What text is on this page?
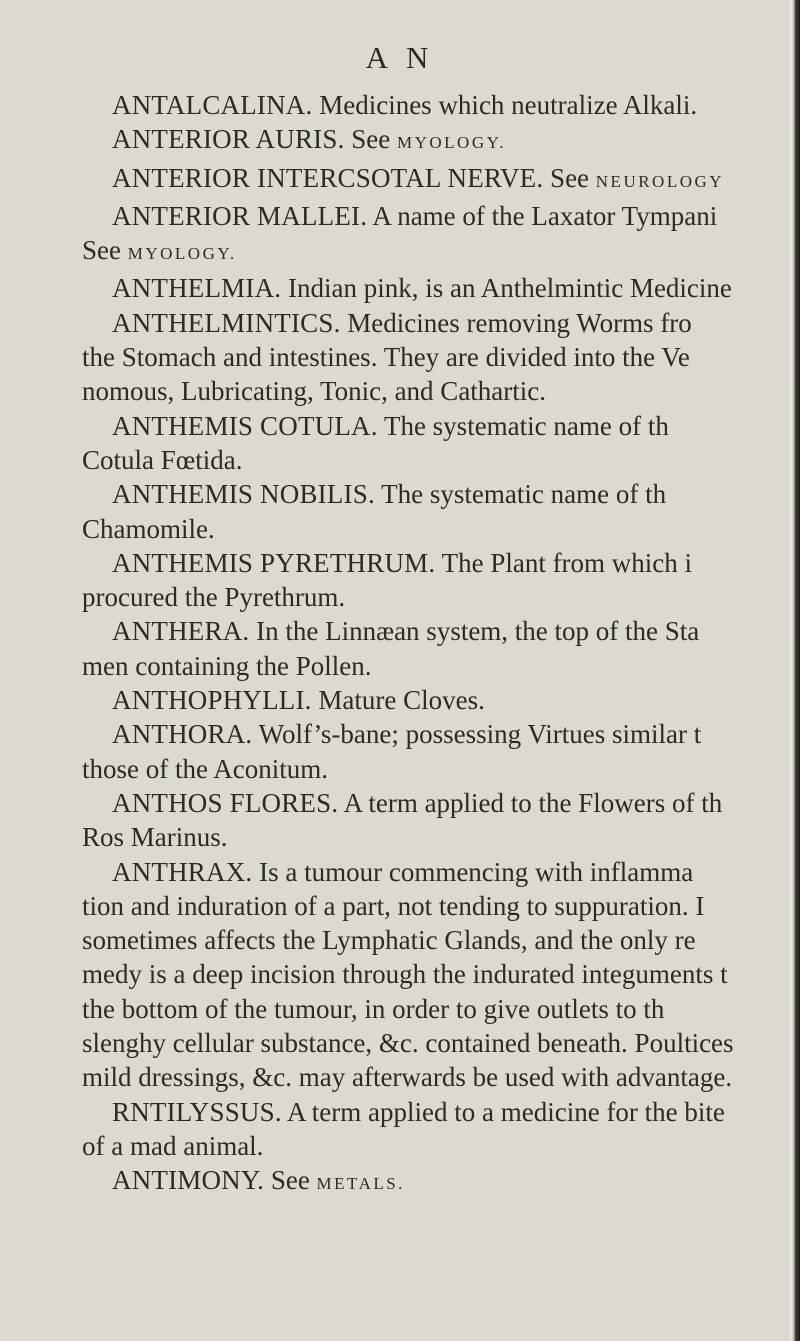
A N
ANTALCALINA. Medicines which neutralize Alkali.
ANTERIOR AURIS. See MYOLOGY.
ANTERIOR INTERCSOTAL NERVE. See NEUROLOGY
ANTERIOR MALLEI. A name of the Laxator Tympani
See MYOLOGY.
ANTHELMIA. Indian pink, is an Anthelmintic Medicine
ANTHELMINTICS. Medicines removing Worms fro
the Stomach and intestines. They are divided into the Ve
nomous, Lubricating, Tonic, and Cathartic.
ANTHEMIS COTULA. The systematic name of th
Cotula Fœtida.
ANTHEMIS NOBILIS. The systematic name of th
Chamomile.
ANTHEMIS PYRETHRUM. The Plant from which i
procured the Pyrethrum.
ANTHERA. In the Linnæan system, the top of the Sta
men containing the Pollen.
ANTHOPHYLLI. Mature Cloves.
ANTHORA. Wolf’s-bane; possessing Virtues similar t
those of the Aconitum.
ANTHOS FLORES. A term applied to the Flowers of th
Ros Marinus.
ANTHRAX. Is a tumour commencing with inflamma
tion and induration of a part, not tending to suppuration. I
sometimes affects the Lymphatic Glands, and the only re
medy is a deep incision through the indurated integuments t
the bottom of the tumour, in order to give outlets to th
slenghy cellular substance, &c. contained beneath. Poultices
mild dressings, &c. may afterwards be used with advantage.
RNTILYSSUS. A term applied to a medicine for the bite
of a mad animal.
ANTIMONY. See METALS.
